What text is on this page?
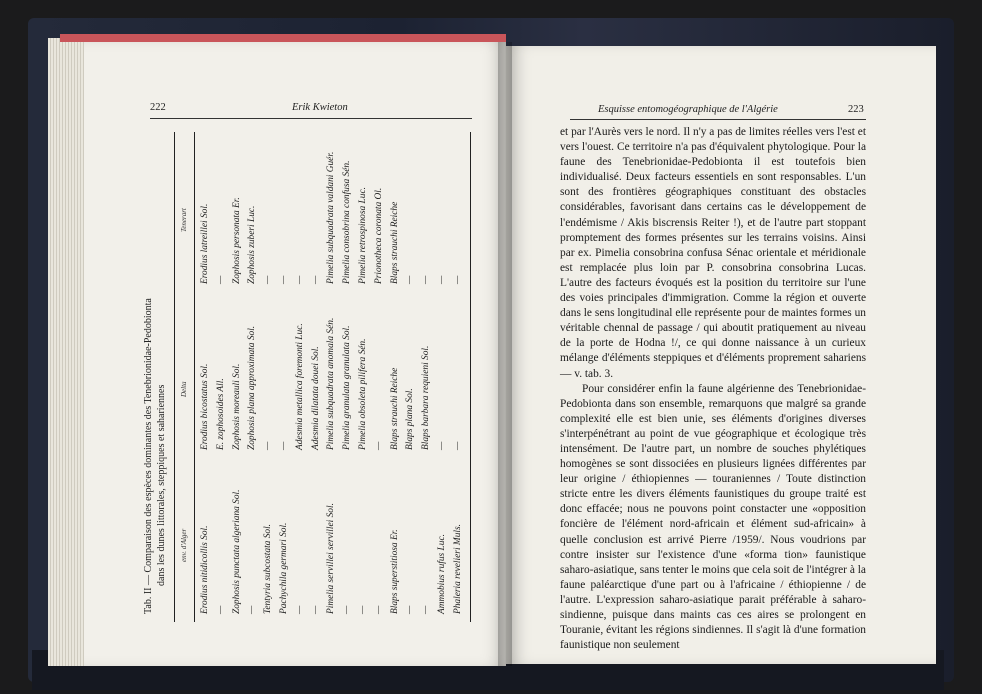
222	Erik Kwieton
Tab. II — Comparaison des espèces dominantes des Tenebrionidae-Pedobionta dans les dunes littorales, steppiques et sahariennes env. d'Alger
Delta
Tenerart
Erodius nitidicollis Sol.
Erodius bicostatus Sol.
Erodius latreillei Sol.
—
E. zophosoides All.
—
Zophosis punctata algeriana Sol.
Zophosis moreauli Sol.
Zophosis personata Er.
—
Zophosis plana approximata Sol.
Zophosis zuberi Luc.
Tentyria subcostata Sol.
—
—
Pachychila germari Sol.
—
—
—
Adesmia metallica foremonti Luc.
—
—
Adesmia dilatata douei Sol.
—
Pimelia servillei servillei Sol.
Pimelia subquadrata anomala Sén.
Pimelia subquadrata valdani Guér.
—
Pimelia granulata granulata Sol.
Pimelia consobrina confusa Sén.
—
Pimelia obsoleta pilifera Sén.
Pimelia retrospinosa Luc.
—
—
Prionotheca coronata Ol.
Blaps superstitiosa Er.
Blaps strauchi Reiche
Blaps strauchi Reiche
—
Blaps plana Sol.
—
—
Blaps barbara requieni Sol.
—
Ammobius rufus Luc.
—
—
Phaleria revelieri Muls.
—
—
Esquisse entomogéographique de l'Algérie	223

et par l'Aurès vers le nord. Il n'y a pas de limites réelles vers l'est et vers l'ouest. Ce territoire n'a pas d'équivalent phytologique. Pour la faune des Tenebrionidae-Pedobionta il est toutefois bien individualisé. Deux facteurs essentiels en sont responsables. L'un sont des frontières géographiques constituant des obstacles considérables, favorisant dans certains cas le développement de l'endémisme / Akis biscrensis Reiter !), et de l'autre part stoppant promptement des formes présentes sur les terrains voisins. Ainsi par ex. Pimelia consobrina confusa Sénac orientale et méridionale est remplacée plus loin par P. consobrina consobrina Lucas. L'autre des facteurs évoqués est la position du territoire sur l'une des voies principales d'immigration. Comme la région et ouverte dans le sens longitudinal elle représente pour de maintes formes un véritable chennal de passage / qui aboutit pratiquement au niveau de la porte de Hodna !/, ce qui donne naissance à un curieux mélange d'éléments steppiques et d'éléments proprement sahariens — v. tab. 3.

Pour considérer enfin la faune algérienne des Tenebrionidae-Pedobionta dans son ensemble, remarquons que malgré sa grande complexité elle est bien unie, ses éléments d'origines diverses s'interpénétrant au point de vue géographique et écologique très intensément. De l'autre part, un nombre de souches phylétiques homogènes se sont dissociées en plusieurs lignées différentes par leur origine / éthiopiennes — touraniennes / Toute distinction stricte entre les divers éléments faunistiques du groupe traité est donc effacée; nous ne pouvons point constacter une «opposition foncière de l'élément nord-africain et élément sud-africain» à quelle conclusion est arrivé Pierre /1959/. Nous voudrions par contre insister sur l'existence d'une «forma tion» faunistique saharo-asiatique, sans tenter le moins que cela soit de l'intégrer à la faune paléarctique d'une part ou à l'africaine / éthiopienne / de l'autre. L'expression saharo-asiatique parait préférable à saharo-sindienne, puisque dans maints cas ces aires se prolongent en Touranie, évitant les régions sindiennes. Il s'agit là d'une formation faunistique non seulement
